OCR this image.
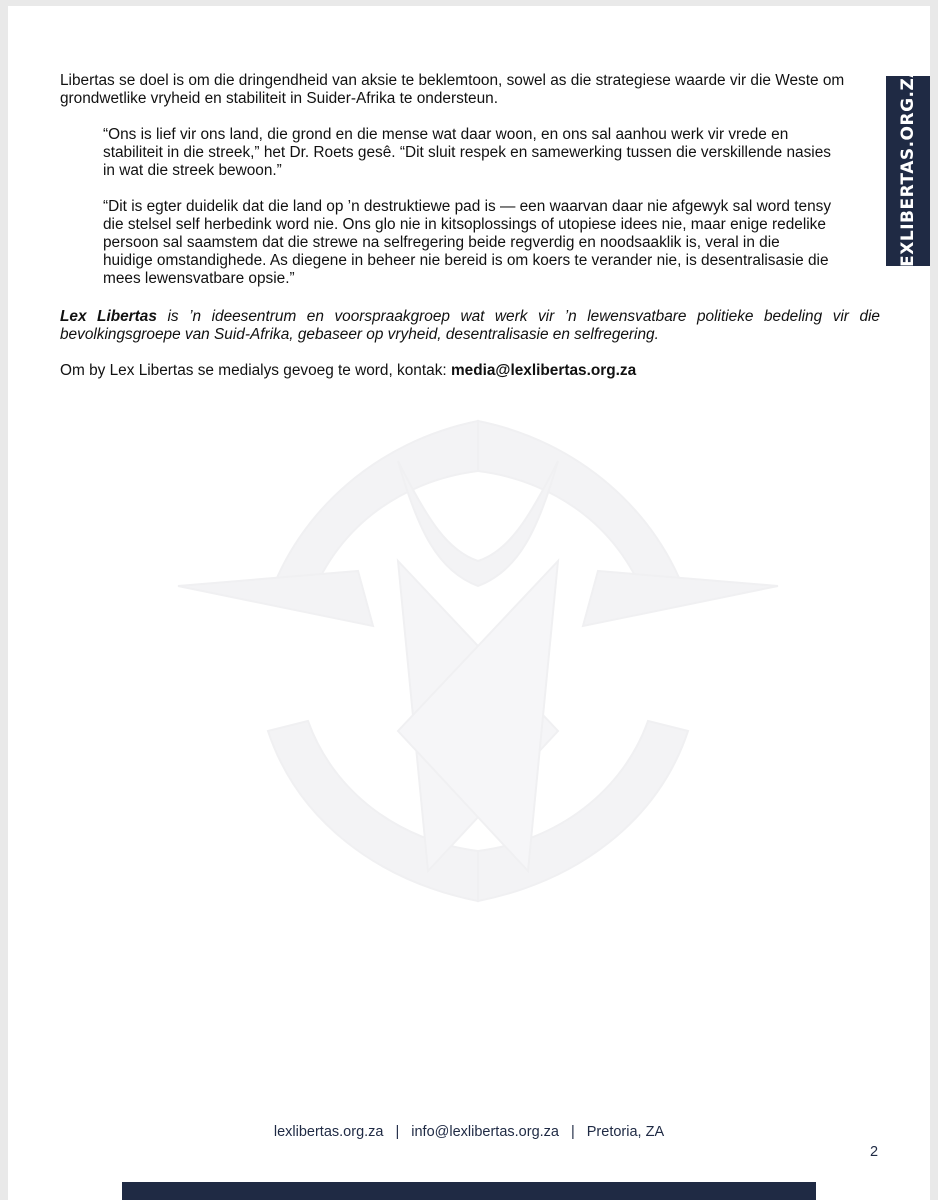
LEXLIBERTAS.ORG.ZA

Libertas se doel is om die dringendheid van aksie te beklemtoon, sowel as die strategiese waarde vir die Weste om grondwetlike vryheid en stabiliteit in Suider-Afrika te ondersteun.

“Ons is lief vir ons land, die grond en die mense wat daar woon, en ons sal aanhou werk vir vrede en stabiliteit in die streek,” het Dr. Roets gesê. “Dit sluit respek en samewerking tussen die verskillende nasies in wat die streek bewoon.”

“Dit is egter duidelik dat die land op ’n destruktiewe pad is — een waarvan daar nie afgewyk sal word tensy die stelsel self herbedink word nie. Ons glo nie in kitsoplossings of utopiese idees nie, maar enige redelike persoon sal saamstem dat die strewe na selfregering beide regverdig en noodsaaklik is, veral in die huidige omstandighede. As diegene in beheer nie bereid is om koers te verander nie, is desentralisasie die mees lewensvatbare opsie.”

Lex Libertas is ’n ideesentrum en voorspraakgroep wat werk vir ’n lewensvatbare politieke bedeling vir die bevolkingsgroepe van Suid-Afrika, gebaseer op vryheid, desentralisasie en selfregering.

Om by Lex Libertas se medialys gevoeg te word, kontak: media@lexlibertas.org.za

lexlibertas.org.za | info@lexlibertas.org.za | Pretoria, ZA
2
